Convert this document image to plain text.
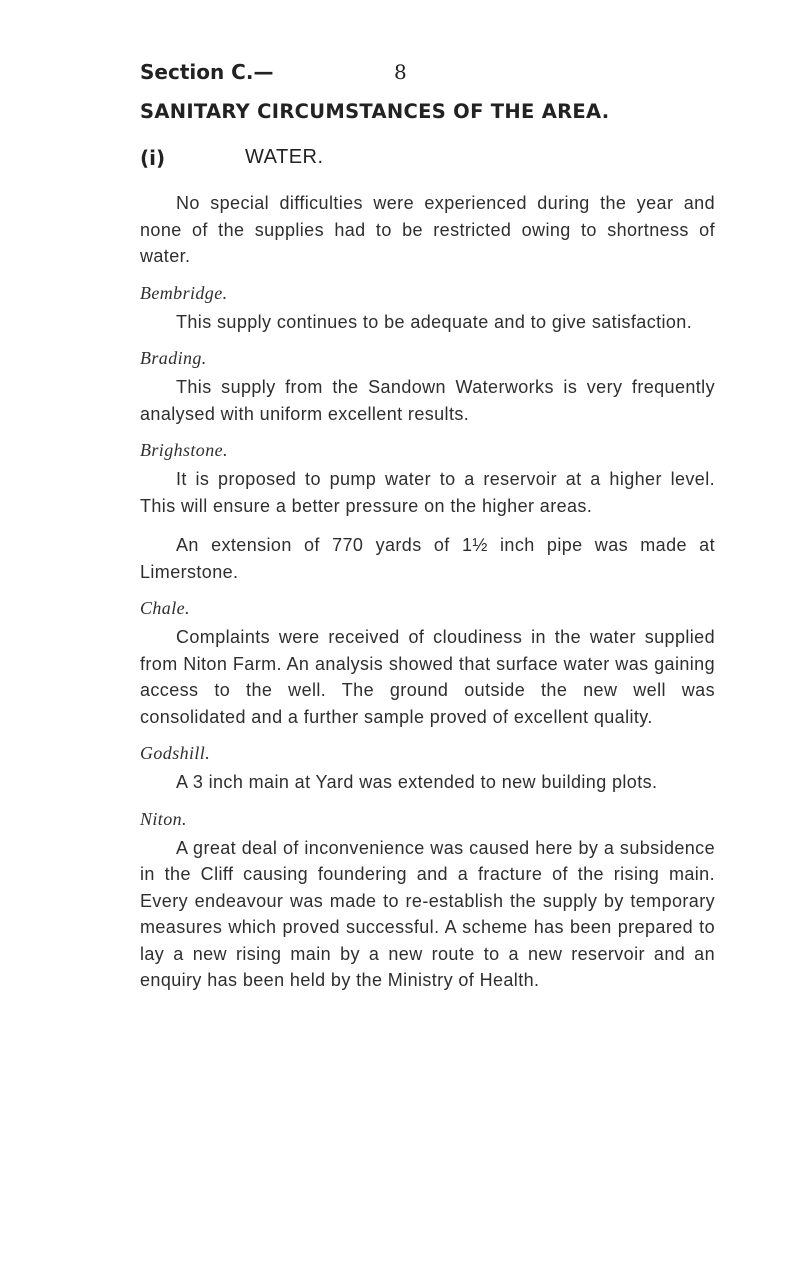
Section C.—	8
SANITARY CIRCUMSTANCES OF THE AREA.
(i)	WATER.

No special difficulties were experienced during the year and none of the supplies had to be restricted owing to shortness of water.

Bembridge.

This supply continues to be adequate and to give satisfaction.

Brading.

This supply from the Sandown Waterworks is very frequently analysed with uniform excellent results.

Brighstone.

It is proposed to pump water to a reservoir at a higher level. This will ensure a better pressure on the higher areas.

An extension of 770 yards of 1½ inch pipe was made at Limerstone.

Chale.

Complaints were received of cloudiness in the water supplied from Niton Farm. An analysis showed that surface water was gaining access to the well. The ground outside the new well was consolidated and a further sample proved of excellent quality.

Godshill.

A 3 inch main at Yard was extended to new building plots.

Niton.

A great deal of inconvenience was caused here by a subsidence in the Cliff causing foundering and a fracture of the rising main. Every endeavour was made to re-establish the supply by temporary measures which proved successful. A scheme has been prepared to lay a new rising main by a new route to a new reservoir and an enquiry has been held by the Ministry of Health.
